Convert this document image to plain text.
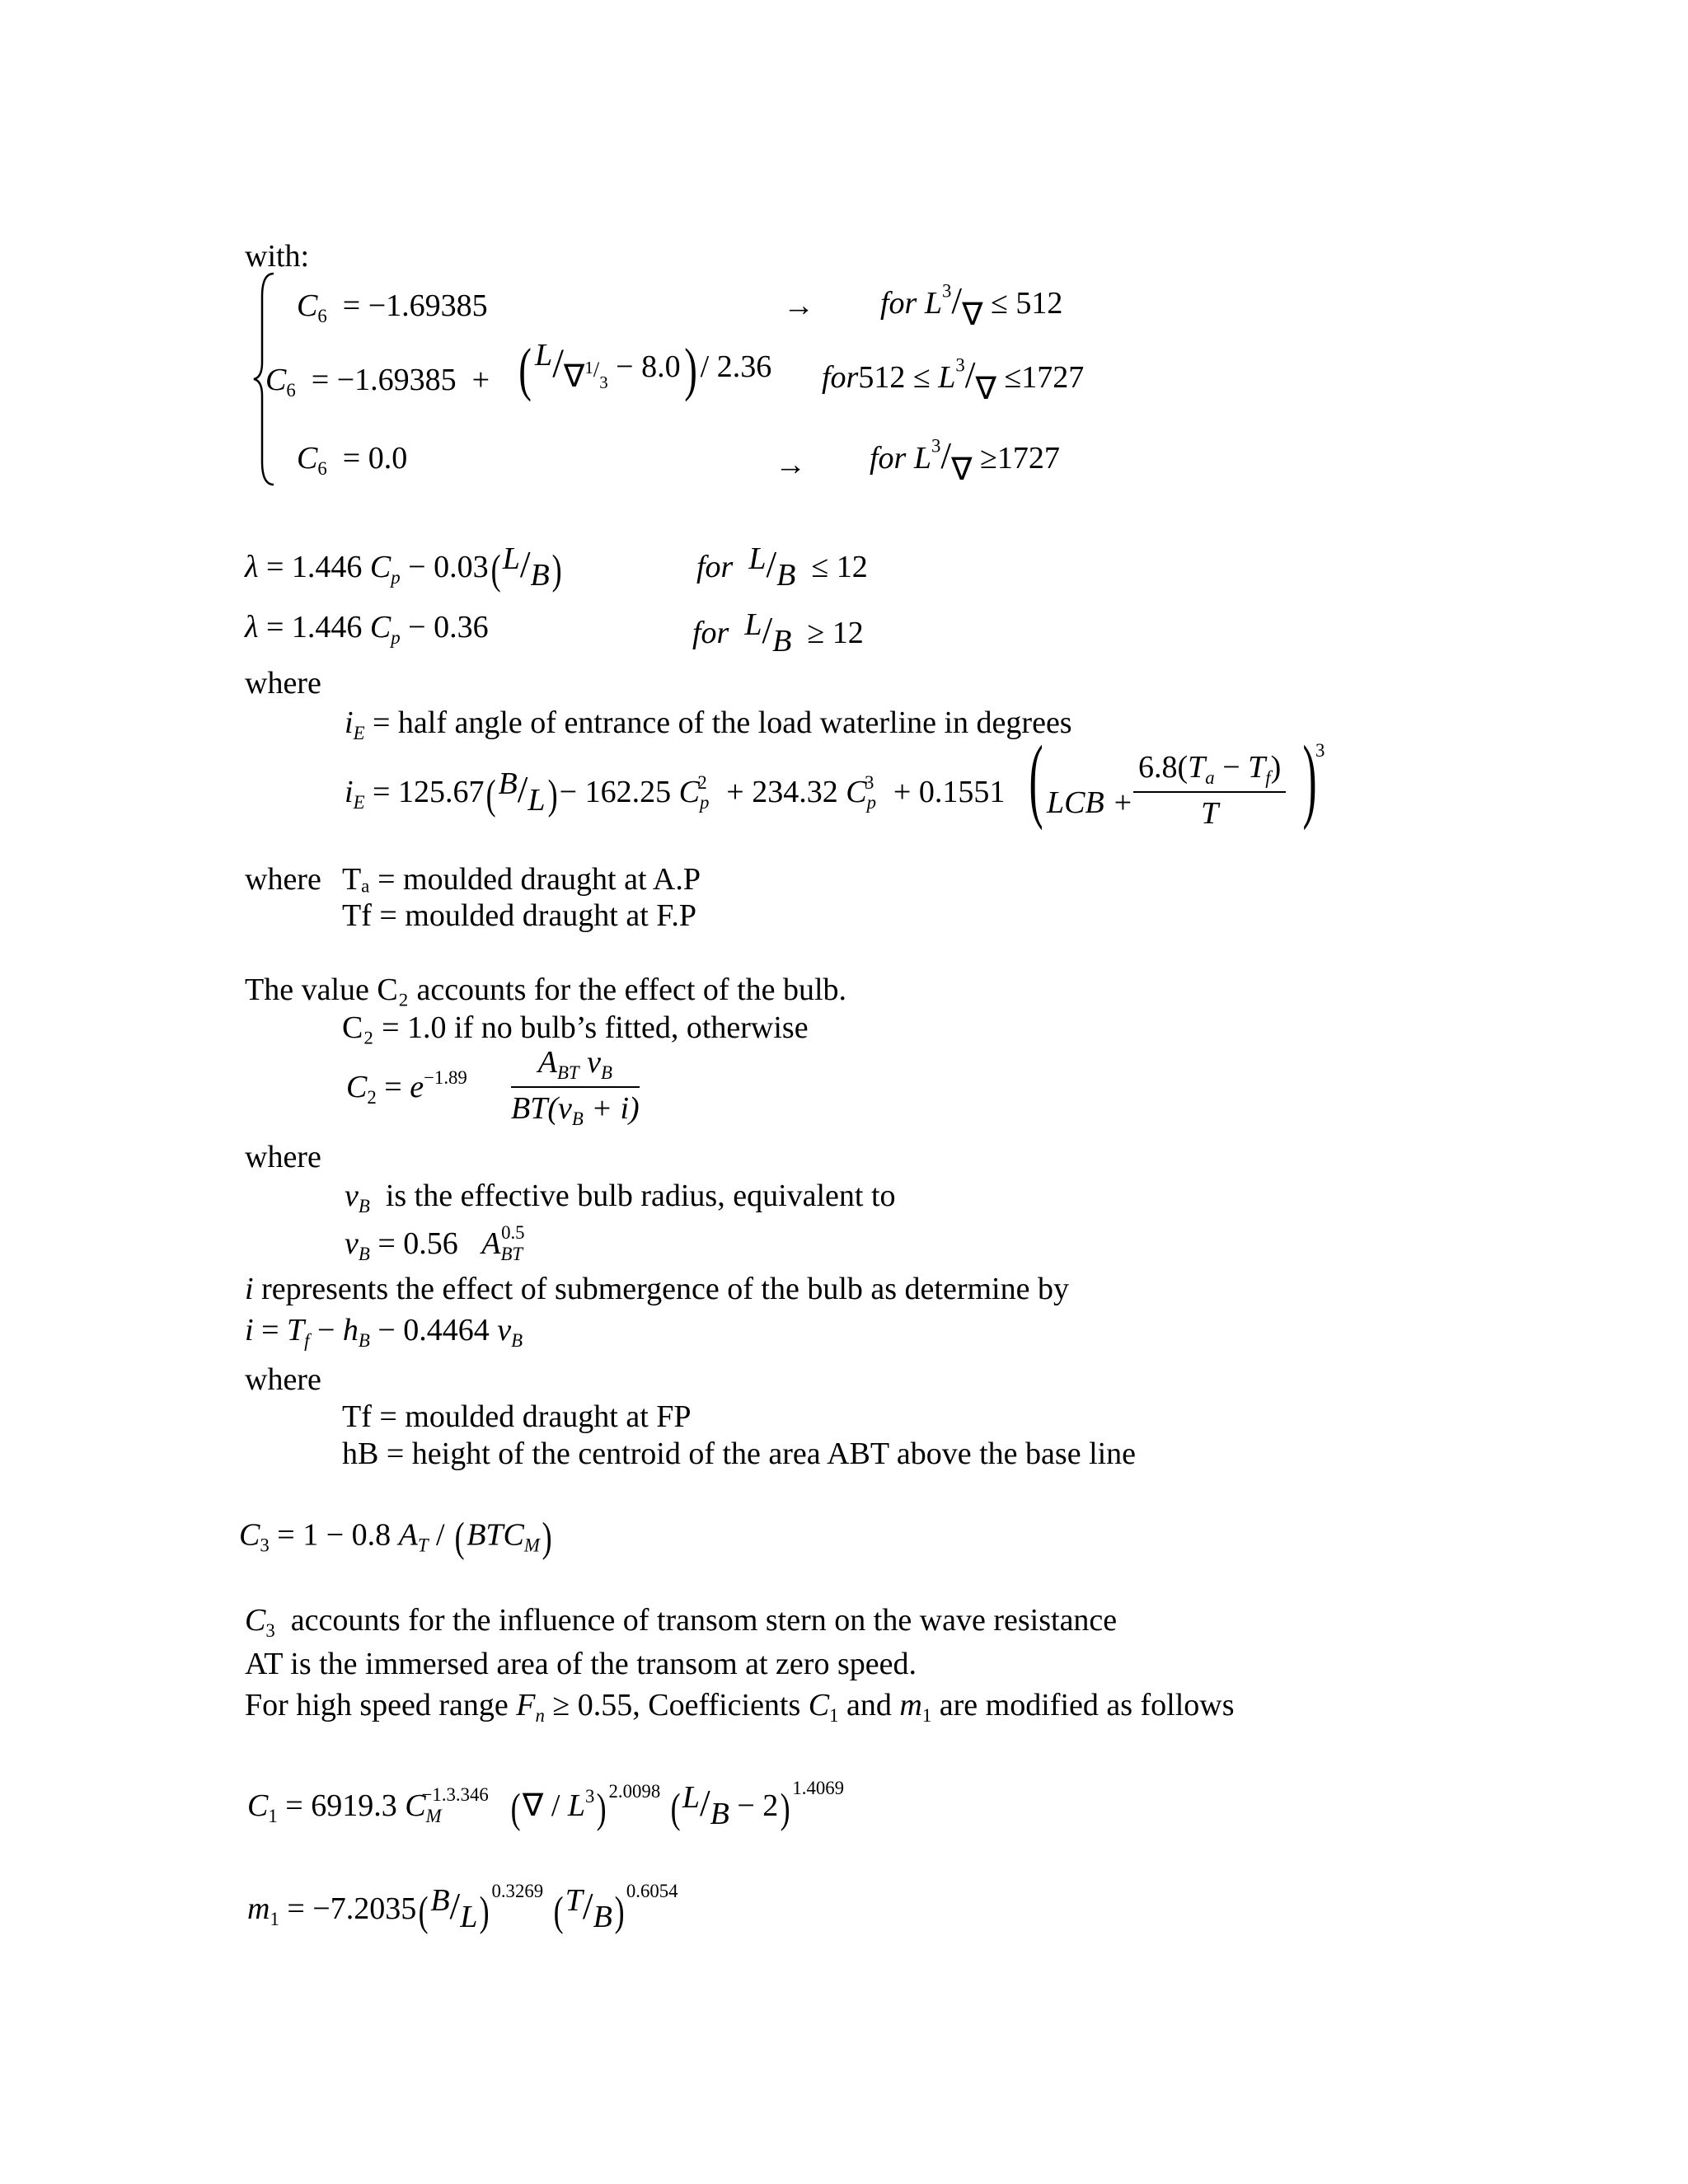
with:
$C_6 = -1.69385$	→ for $L^3/\nabla \le 512$
$C_6 = -1.69385$  + ( $L/\nabla 1/_3 - 8.0) / 2.36$ $for512 \le L^3/\nabla \le 1727$
$C_6 = 0.0$	→ for $L^3/\nabla \ge 1727$
λ = 1.446 $C_p - 0.03(L/B)$	for L/B  ≤ 12
λ = 1.446 $C_p - 0.36$	for L/B  ≥ 12
where
$i_E$ = half angle of entrance of the load waterline in degrees
$i_E = 125.67(B/L)- 162.25$ $C_p^2 + 234.32$ $C_p^3 + 0.1551$ ( LCB +
$6.8(T_a - T_f)$
T )$^3$
where Tₐ = moulded draught at A.P
Tf = moulded draught at F.P
The value C₂ accounts for the effect of the bulb.
C₂ = 1.0 if no bulb’s fitted, otherwise
$C_2 = e^{-1.89}$	$A_{BT}$ $\nu_B$
$BT(\nu_B + i)$
where
$\nu_B$ is the effective bulb radius, equivalent to
$\nu_B = 0.56$ $A_{BT}^{0.5}$
i represents the effect of submergence of the bulb as determine by
$i = T_f - h_B - 0.4464$ $\nu_B$
where
Tf = moulded draught at FP
hB = height of the centroid of the area ABT above the base line
$C_3 = 1 - 0.8$ $A_T / (BTC_M)$
$C_3$ accounts for the influence of transom stern on the wave resistance
AT is the immersed area of the transom at zero speed.
For high speed range $F_n \ge 0.55$, Coefficients $C_1$ and $m_1$ are modified as follows
$C_1 = 6919.3$ $C_M^{-1.3.346}$ (∇ / $L^3$) $^{2.0098}$ (L/B − 2) $^{1.4069}$
$m_1 = -7.2035(B/L)$ $^{0.3269}$ (T/B) $^{0.6054}$
